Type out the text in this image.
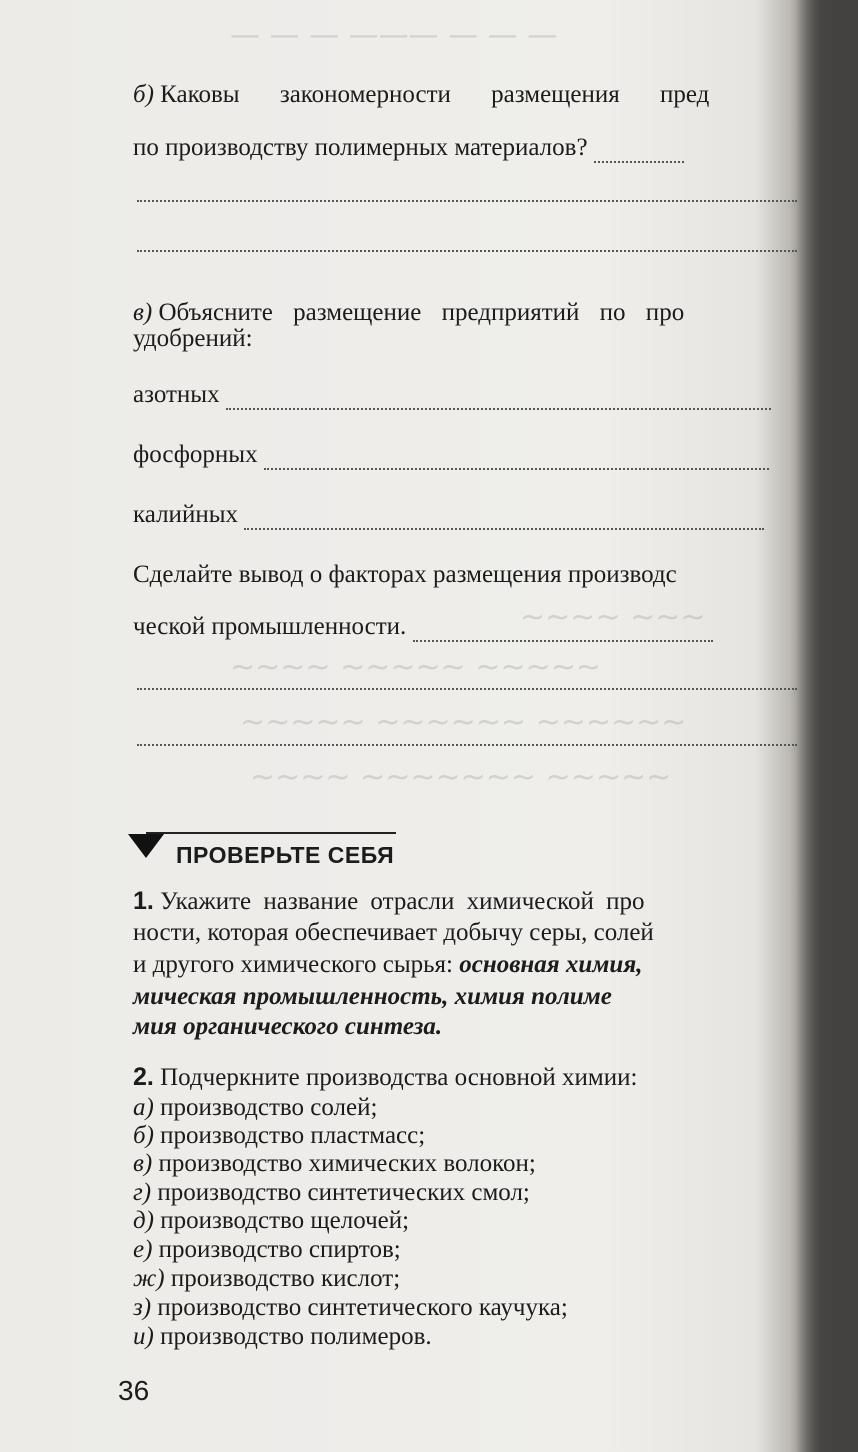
— — — ——— — — —
~~~~ ~~~
~~~~ ~~~~~ ~~~~~
~~~~~ ~~~~~~ ~~~~~~
~~~~ ~~~~~~~ ~~~~~
б) Каковы закономерности размещения пред
по производству полимерных материалов?
в) Объясните размещение предприятий по про
удобрений:
азотных
фосфорных
калийных
Сделайте вывод о факторах размещения производс
ческой промышленности.
ПРОВЕРЬТЕ СЕБЯ
1. Укажите название отрасли химической про
ности, которая обеспечивает добычу серы, солей
и другого химического сырья: основная химия,
мическая промышленность, химия полиме
мия органического синтеза.
2. Подчеркните производства основной химии:
а) производство солей;
б) производство пластмасс;
в) производство химических волокон;
г) производство синтетических смол;
д) производство щелочей;
е) производство спиртов;
ж) производство кислот;
з) производство синтетического каучука;
и) производство полимеров.
36
